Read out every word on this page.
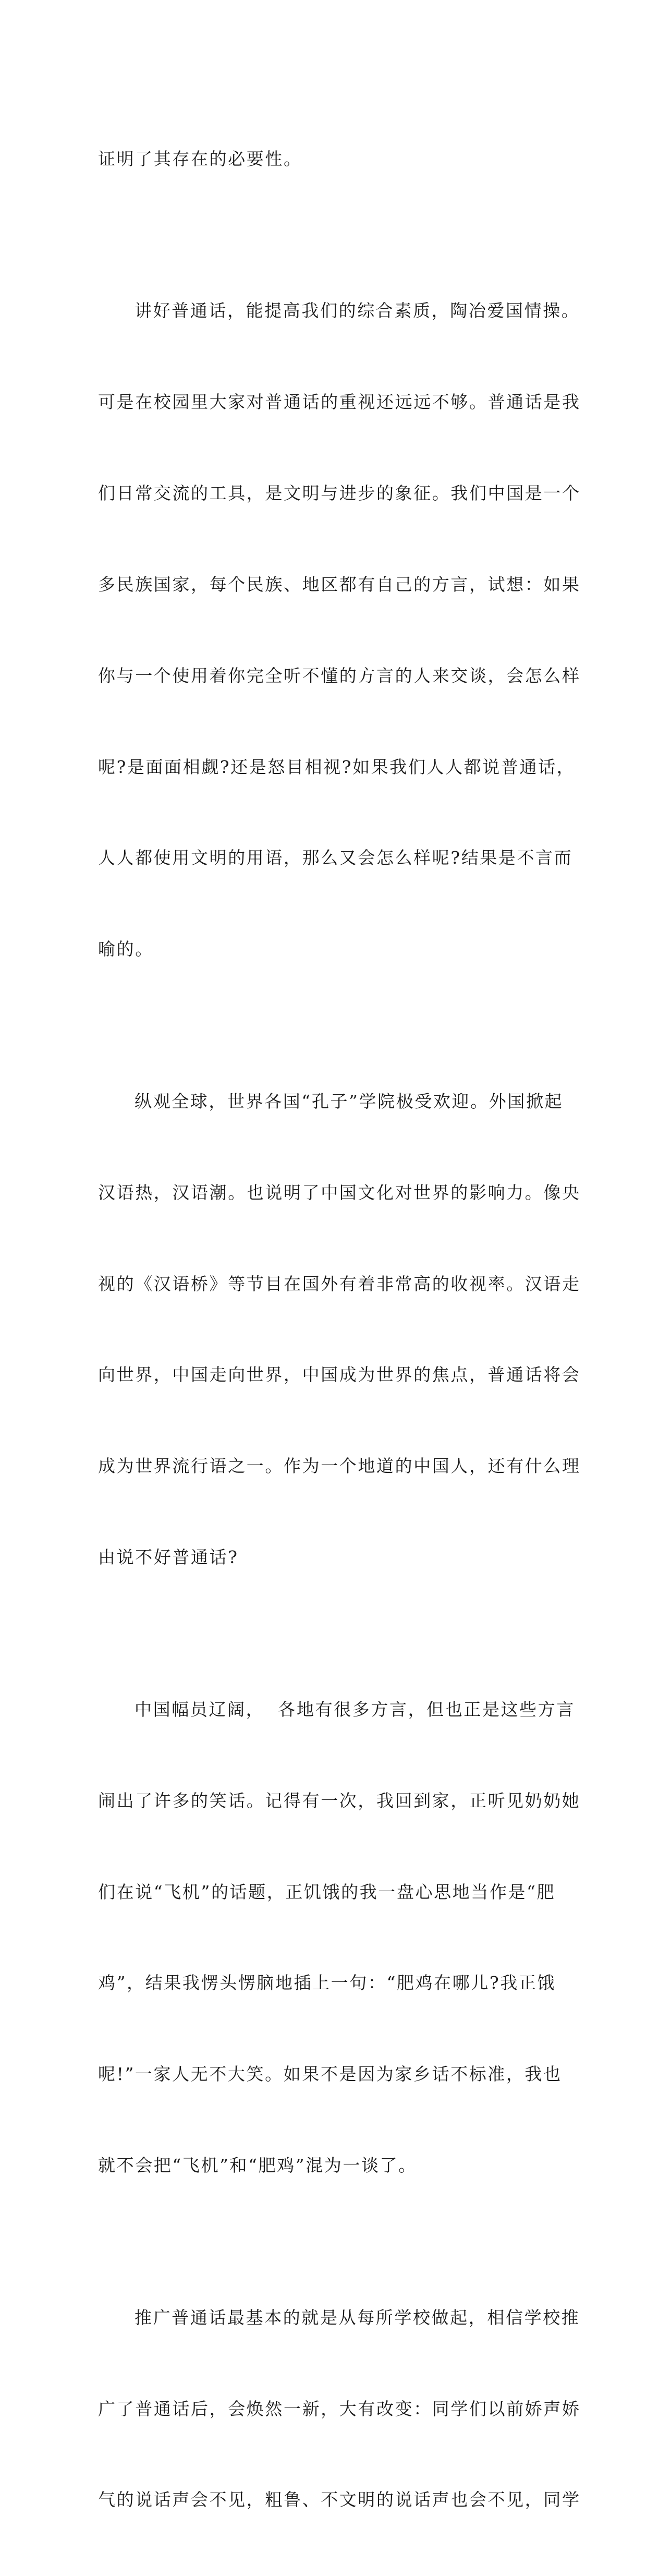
证明了其存在的必要性。

讲好普通话，能提高我们的综合素质，陶冶爱国情操。

可是在校园里大家对普通话的重视还远远不够。普通话是我

们日常交流的工具，是文明与进步的象征。我们中国是一个

多民族国家，每个民族、地区都有自己的方言，试想：如果

你与一个使用着你完全听不懂的方言的人来交谈，会怎么样

呢?是面面相觑?还是怒目相视?如果我们人人都说普通话，

人人都使用文明的用语，那么又会怎么样呢?结果是不言而

喻的。

纵观全球，世界各国“孔子”学院极受欢迎。外国掀起

汉语热，汉语潮。也说明了中国文化对世界的影响力。像央

视的《汉语桥》等节目在国外有着非常高的收视率。汉语走

向世界，中国走向世界，中国成为世界的焦点，普通话将会

成为世界流行语之一。作为一个地道的中国人，还有什么理

由说不好普通话?

中国幅员辽阔，  各地有很多方言，但也正是这些方言

闹出了许多的笑话。记得有一次，我回到家，正听见奶奶她

们在说“飞机”的话题，正饥饿的我一盘心思地当作是“肥

鸡”，结果我愣头愣脑地插上一句：“肥鸡在哪儿?我正饿

呢!”一家人无不大笑。如果不是因为家乡话不标准，我也

就不会把“飞机”和“肥鸡”混为一谈了。

推广普通话最基本的就是从每所学校做起，相信学校推

广了普通话后，会焕然一新，大有改变：同学们以前娇声娇

气的说话声会不见，粗鲁、不文明的说话声也会不见，同学
